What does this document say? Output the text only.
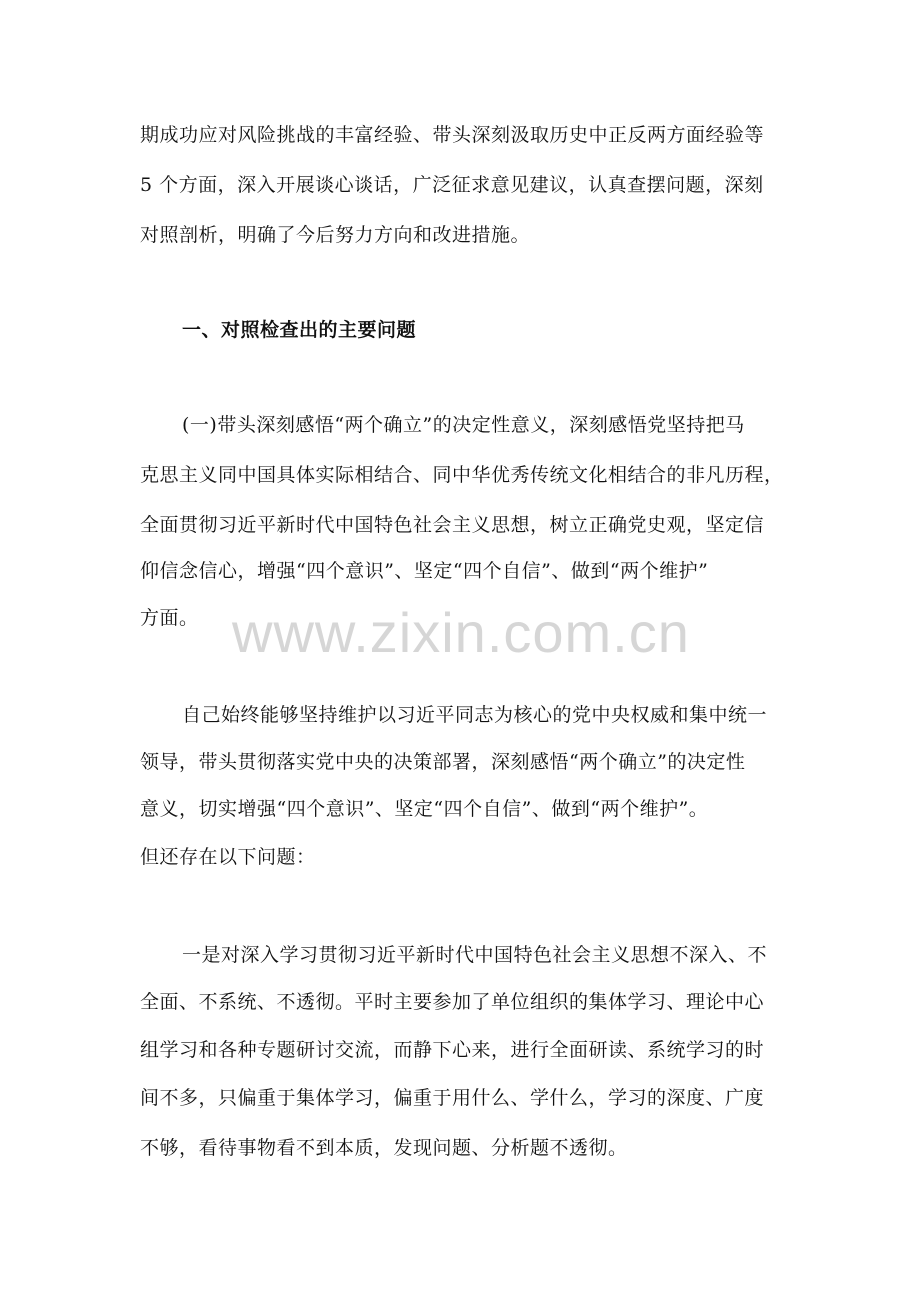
期成功应对风险挑战的丰富经验、带头深刻汲取历史中正反两方面经验等
5 个方面，深入开展谈心谈话，广泛征求意见建议，认真查摆问题，深刻
对照剖析，明确了今后努力方向和改进措施。
一、对照检查出的主要问题
(一)带头深刻感悟“两个确立”的决定性意义，深刻感悟党坚持把马
克思主义同中国具体实际相结合、同中华优秀传统文化相结合的非凡历程，
全面贯彻习近平新时代中国特色社会主义思想，树立正确党史观，坚定信
仰信念信心，增强“四个意识”、坚定“四个自信”、做到“两个维护”
方面。 www.zixin.com.cn
自己始终能够坚持维护以习近平同志为核心的党中央权威和集中统一
领导，带头贯彻落实党中央的决策部署，深刻感悟“两个确立”的决定性
意义，切实增强“四个意识”、坚定“四个自信”、做到“两个维护”。
但还存在以下问题：
一是对深入学习贯彻习近平新时代中国特色社会主义思想不深入、不
全面、不系统、不透彻。平时主要参加了单位组织的集体学习、理论中心
组学习和各种专题研讨交流，而静下心来，进行全面研读、系统学习的时
间不多，只偏重于集体学习，偏重于用什么、学什么，学习的深度、广度
不够，看待事物看不到本质，发现问题、分析题不透彻。
